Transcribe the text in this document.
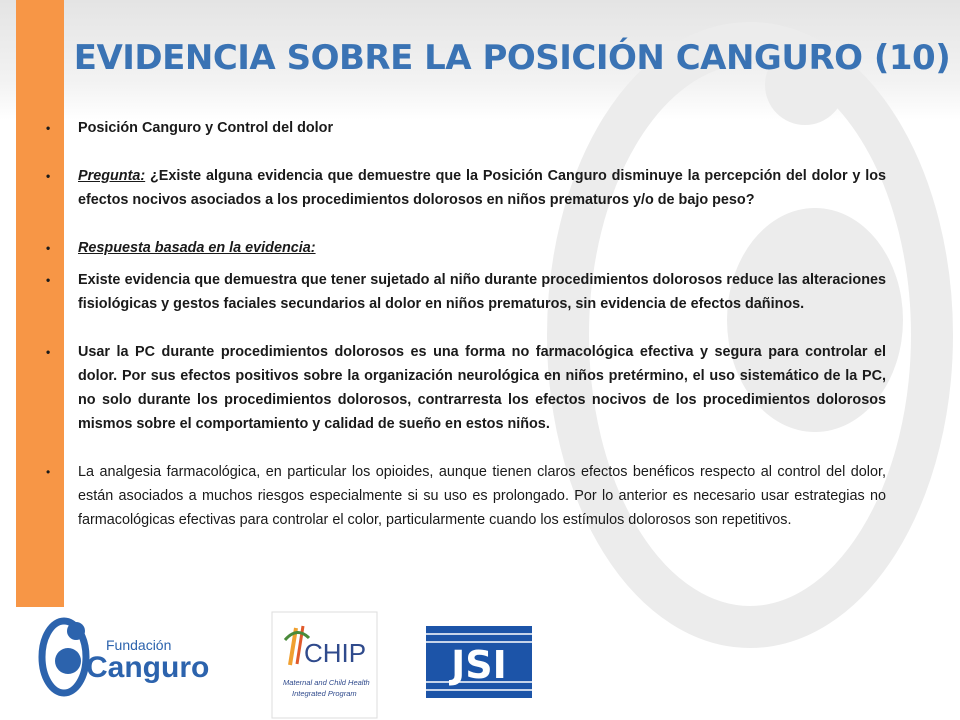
EVIDENCIA SOBRE LA POSICIÓN CANGURO (10)
• Posición Canguro y Control del dolor
• Pregunta: ¿Existe alguna evidencia que demuestre que la Posición Canguro disminuye la percepción del dolor y los efectos nocivos asociados a los procedimientos dolorosos en niños prematuros y/o de bajo peso?
• Respuesta basada en la evidencia:
• Existe evidencia que demuestra que tener sujetado al niño durante procedimientos dolorosos reduce las alteraciones fisiológicas y gestos faciales secundarios al dolor en niños prematuros, sin evidencia de efectos dañinos.
• Usar la PC durante procedimientos dolorosos es una forma no farmacológica efectiva y segura para controlar el dolor. Por sus efectos positivos sobre la organización neurológica en niños pretérmino, el uso sistemático de la PC, no solo durante los procedimientos dolorosos, contrarresta los efectos nocivos de los procedimientos dolorosos mismos sobre el comportamiento y calidad de sueño en estos niños.
• La analgesia farmacológica, en particular los opioides, aunque tienen claros efectos benéficos respecto al control del dolor, están asociados a muchos riesgos especialmente si su uso es prolongado. Por lo anterior es necesario usar estrategias no farmacológicas efectivas para controlar el color, particularmente cuando los estímulos dolorosos son repetitivos.
Fundación
Canguro	CHIP
Maternal and Child Health
Integrated Program
JSI
